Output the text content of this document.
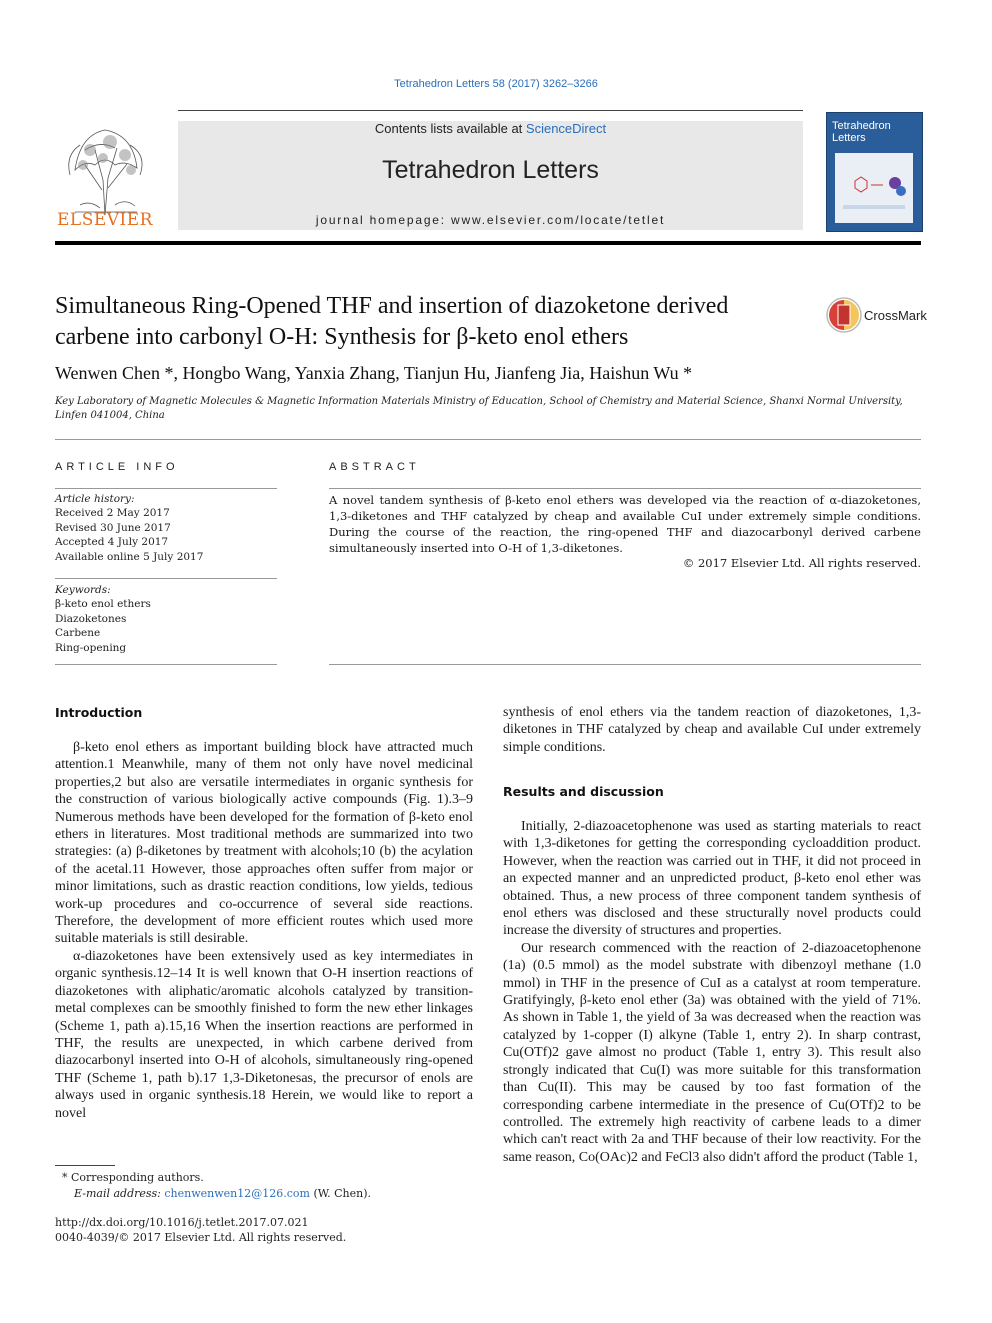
Tetrahedron Letters 58 (2017) 3262–3266
ELSEVIER
Contents lists available at ScienceDirect
Tetrahedron Letters
journal homepage: www.elsevier.com/locate/tetlet
Tetrahedron Letters
Simultaneous Ring-Opened THF and insertion of diazoketone derived carbene into carbonyl O-H: Synthesis for β-keto enol ethers
CrossMark
Wenwen Chen *, Hongbo Wang, Yanxia Zhang, Tianjun Hu, Jianfeng Jia, Haishun Wu *
Key Laboratory of Magnetic Molecules & Magnetic Information Materials Ministry of Education, School of Chemistry and Material Science, Shanxi Normal University, Linfen 041004, China
ARTICLE INFO
Article history:
Received 2 May 2017
Revised 30 June 2017
Accepted 4 July 2017
Available online 5 July 2017
Keywords:
β-keto enol ethers
Diazoketones
Carbene
Ring-opening
ABSTRACT
A novel tandem synthesis of β-keto enol ethers was developed via the reaction of α-diazoketones, 1,3-diketones and THF catalyzed by cheap and available CuI under extremely simple conditions. During the course of the reaction, the ring-opened THF and diazocarbonyl derived carbene simultaneously inserted into O-H of 1,3-diketones.
© 2017 Elsevier Ltd. All rights reserved.
Introduction

β-keto enol ethers as important building block have attracted much attention.1 Meanwhile, many of them not only have novel medicinal properties,2 but also are versatile intermediates in organic synthesis for the construction of various biologically active compounds (Fig. 1).3–9 Numerous methods have been developed for the formation of β-keto enol ethers in literatures. Most traditional methods are summarized into two strategies: (a) β-diketones by treatment with alcohols;10 (b) the acylation of the acetal.11 However, those approaches often suffer from major or minor limitations, such as drastic reaction conditions, low yields, tedious work-up procedures and co-occurrence of several side reactions. Therefore, the development of more efficient routes which used more suitable materials is still desirable.

α-diazoketones have been extensively used as key intermediates in organic synthesis.12–14 It is well known that O-H insertion reactions of diazoketones with aliphatic/aromatic alcohols catalyzed by transition-metal complexes can be smoothly finished to form the new ether linkages (Scheme 1, path a).15,16 When the insertion reactions are performed in THF, the results are unexpected, in which carbene derived from diazocarbonyl inserted into O-H of alcohols, simultaneously ring-opened THF (Scheme 1, path b).17 1,3-Diketonesas, the precursor of enols are always used in organic synthesis.18 Herein, we would like to report a novel

* Corresponding authors.
E-mail address: chenwenwen12@126.com (W. Chen).
http://dx.doi.org/10.1016/j.tetlet.2017.07.021
0040-4039/© 2017 Elsevier Ltd. All rights reserved.

synthesis of enol ethers via the tandem reaction of diazoketones, 1,3-diketones in THF catalyzed by cheap and available CuI under extremely simple conditions.

Results and discussion

Initially, 2-diazoacetophenone was used as starting materials to react with 1,3-diketones for getting the corresponding cycloaddition product. However, when the reaction was carried out in THF, it did not proceed in an expected manner and an unpredicted product, β-keto enol ether was obtained. Thus, a new process of three component tandem synthesis of enol ethers was disclosed and these structurally novel products could increase the diversity of structures and properties.

Our research commenced with the reaction of 2-diazoacetophenone (1a) (0.5 mmol) as the model substrate with dibenzoyl methane (1.0 mmol) in THF in the presence of CuI as a catalyst at room temperature. Gratifyingly, β-keto enol ether (3a) was obtained with the yield of 71%. As shown in Table 1, the yield of 3a was decreased when the reaction was catalyzed by 1-copper (I) alkyne (Table 1, entry 2). In sharp contrast, Cu(OTf)2 gave almost no product (Table 1, entry 3). This result also strongly indicated that Cu(I) was more suitable for this transformation than Cu(II). This may be caused by too fast formation of the corresponding carbene intermediate in the presence of Cu(OTf)2 to be controlled. The extremely high reactivity of carbene leads to a dimer which can't react with 2a and THF because of their low reactivity. For the same reason, Co(OAc)2 and FeCl3 also didn't afford the product (Table 1,
